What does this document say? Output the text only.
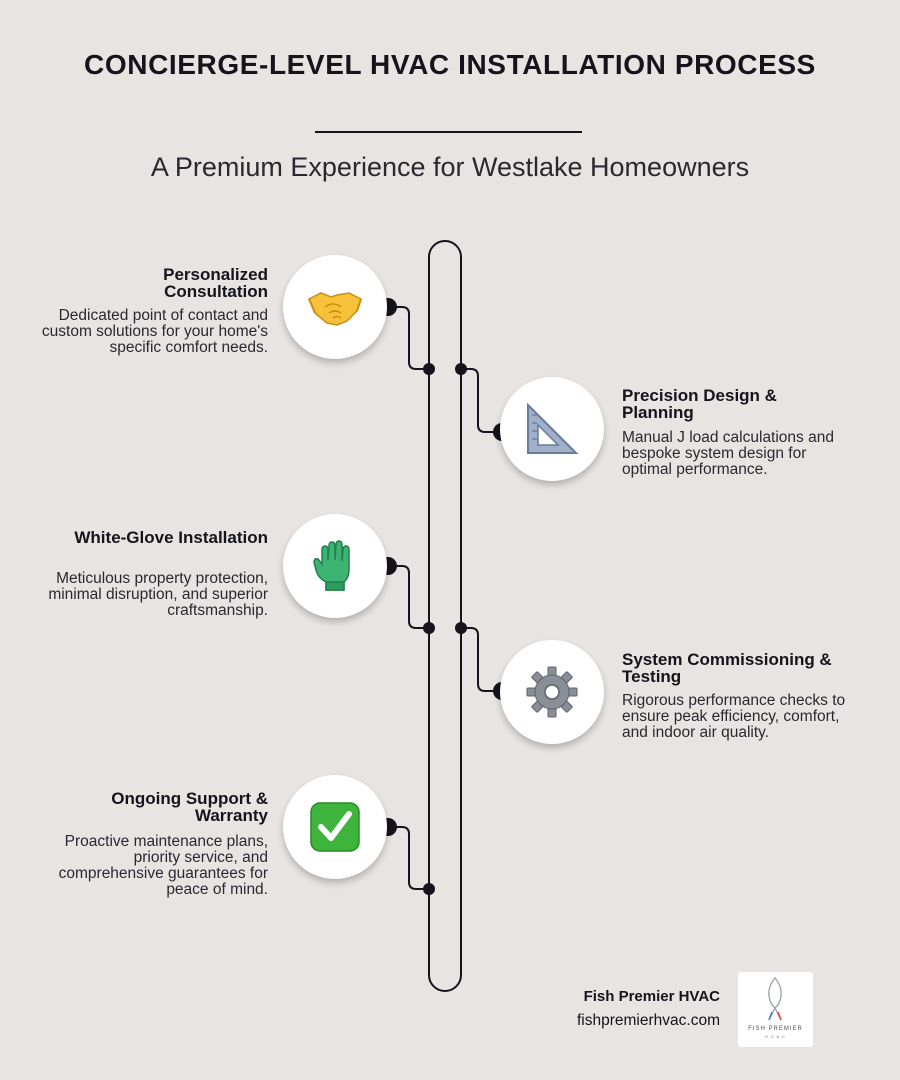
CONCIERGE-LEVEL HVAC INSTALLATION PROCESS
A Premium Experience for Westlake Homeowners
Personalized Consultation
Dedicated point of contact and custom solutions for your home's specific comfort needs.
Precision Design & Planning
Manual J load calculations and bespoke system design for optimal performance.
White-Glove Installation
Meticulous property protection, minimal disruption, and superior craftsmanship.
System Commissioning & Testing
Rigorous performance checks to ensure peak efficiency, comfort, and indoor air quality.
Ongoing Support & Warranty
Proactive maintenance plans, priority service, and comprehensive guarantees for peace of mind.
Fish Premier HVAC
fishpremierhvac.com	FISH PREMIER
H V A C
